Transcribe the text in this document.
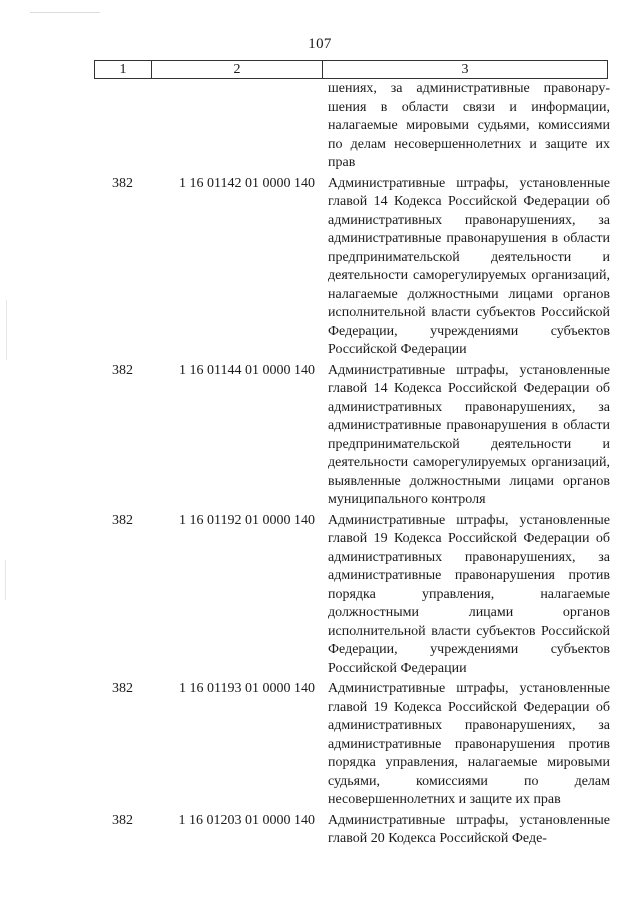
107
1	2	3
шениях, за административные правонарушения в области связи и информации, налагаемые мировыми судьями, комиссиями по делам несовершеннолетних и защите их прав
382	1 16 01142 01 0000 140 Административные штрафы, установленные главой 14 Кодекса Российской Федерации об административных правонарушениях, за административные правонарушения в области предпринимательской деятельности и деятельности саморегулируемых организаций, налагаемые должностными лицами органов исполнительной власти субъектов Российской Федерации, учреждениями субъектов Российской Федерации
382	1 16 01144 01 0000 140 Административные штрафы, установленные главой 14 Кодекса Российской Федерации об административных правонарушениях, за административные правонарушения в области предпринимательской деятельности и деятельности саморегулируемых организаций, выявленные должностными лицами органов муниципального контроля
382	1 16 01192 01 0000 140 Административные штрафы, установленные главой 19 Кодекса Российской Федерации об административных правонарушениях, за административные правонарушения против порядка управления, налагаемые должностными лицами органов исполнительной власти субъектов Российской Федерации, учреждениями субъектов Российской Федерации
382	1 16 01193 01 0000 140 Административные штрафы, установленные главой 19 Кодекса Российской Федерации об административных правонарушениях, за административные правонарушения против порядка управления, налагаемые мировыми судьями, комиссиями по делам несовершеннолетних и защите их прав
382	1 16 01203 01 0000 140 Административные штрафы, установленные главой 20 Кодекса Российской Феде-
